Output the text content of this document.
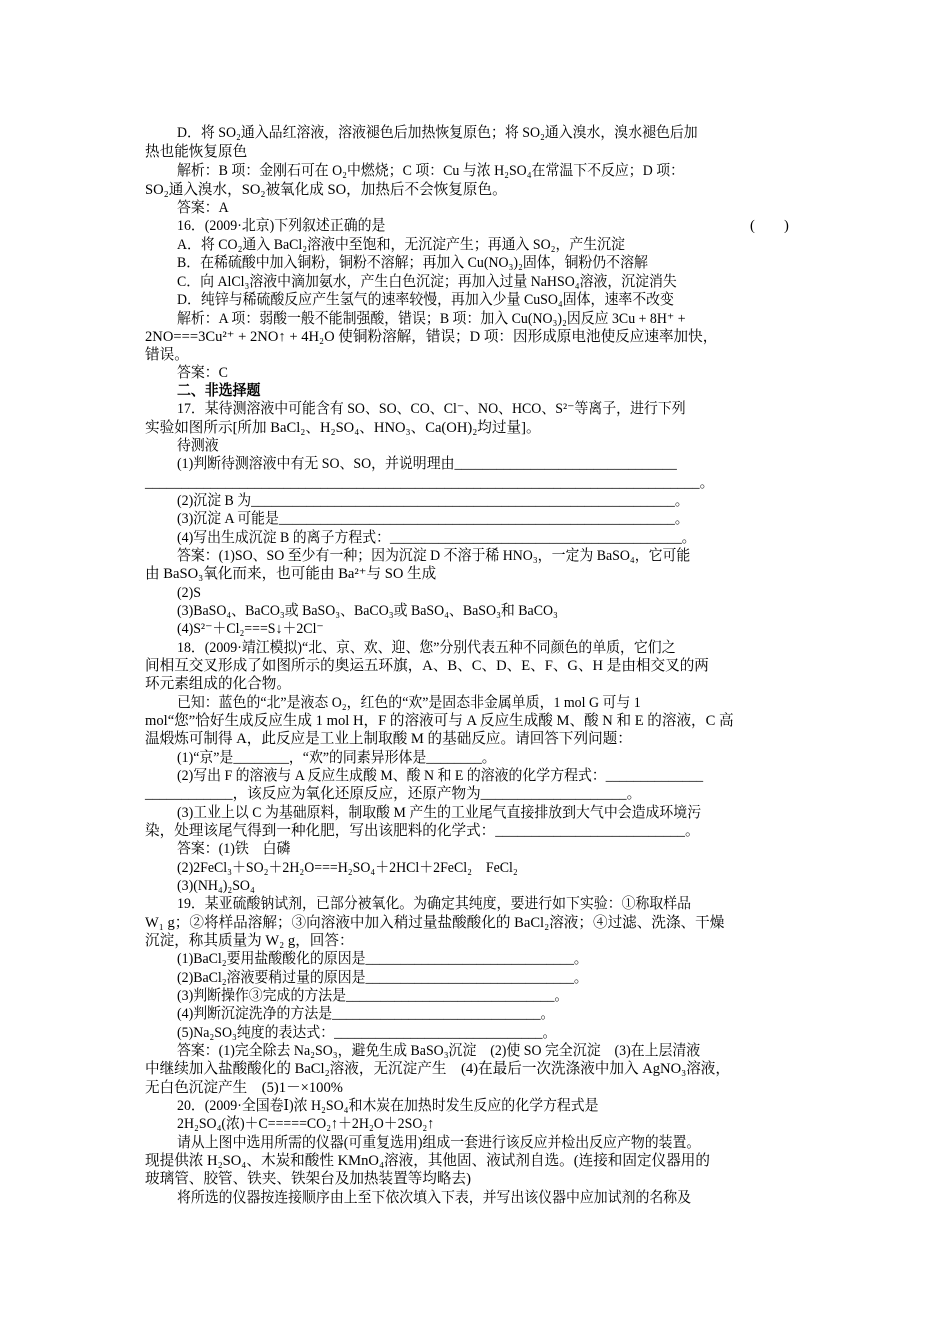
D．将 SO₂通入品红溶液，溶液褪色后加热恢复原色；将 SO₂通入溴水，溴水褪色后加
热也能恢复原色
解析：B 项：金刚石可在 O₂中燃烧；C 项：Cu 与浓 H₂SO₄在常温下不反应；D 项：
SO₂通入溴水，SO₂被氧化成 SO，加热后不会恢复原色。
答案：A
16．(2009·北京)下列叙述正确的是	(　　)
A．将 CO₂通入 BaCl₂溶液中至饱和，无沉淀产生；再通入 SO₂，产生沉淀
B．在稀硫酸中加入铜粉，铜粉不溶解；再加入 Cu(NO₃)₂固体，铜粉仍不溶解
C．向 AlCl₃溶液中滴加氨水，产生白色沉淀；再加入过量 NaHSO₄溶液，沉淀消失
D．纯锌与稀硫酸反应产生氢气的速率较慢，再加入少量 CuSO₄固体，速率不改变
解析：A 项：弱酸一般不能制强酸，错误；B 项：加入 Cu(NO₃)₂因反应 3Cu + 8H⁺ +
2NO===3Cu²⁺ + 2NO↑ + 4H₂O 使铜粉溶解，错误；D 项：因形成原电池使反应速率加快，
错误。
答案：C
二、非选择题
17．某待测溶液中可能含有 SO、SO、CO、Cl⁻、NO、HCO、S²⁻等离子，进行下列
实验如图所示[所加 BaCl₂、H₂SO₄、HNO₃、Ca(OH)₂均过量]。
待测液
(1)判断待测溶液中有无 SO、SO，并说明理由________________________________
____________________________________________________________________________。
(2)沉淀 B 为_____________________________________________________________。
(3)沉淀 A 可能是_________________________________________________________。
(4)写出生成沉淀 B 的离子方程式：__________________________________________。
答案：(1)SO、SO 至少有一种；因为沉淀 D 不溶于稀 HNO₃，一定为 BaSO₄，它可能
由 BaSO₃氧化而来，也可能由 Ba²⁺与 SO 生成
(2)S
(3)BaSO₄、BaCO₃或 BaSO₃、BaCO₃或 BaSO₄、BaSO₃和 BaCO₃
(4)S²⁻＋Cl₂===S↓＋2Cl⁻
18．(2009·靖江模拟)“北、京、欢、迎、您”分别代表五种不同颜色的单质，它们之
间相互交叉形成了如图所示的奥运五环旗，A、B、C、D、E、F、G、H 是由相交叉的两
环元素组成的化合物。
已知：蓝色的“北”是液态 O₂，红色的“欢”是固态非金属单质，1 mol G 可与 1
mol“您”恰好生成反应生成 1 mol H，F 的溶液可与 A 反应生成酸 M、酸 N 和 E 的溶液，C 高
温煅炼可制得 A，此反应是工业上制取酸 M 的基础反应。请回答下列问题：
(1)“京”是________，“欢”的同素异形体是________。
(2)写出 F 的溶液与 A 反应生成酸 M、酸 N 和 E 的溶液的化学方程式：______________
____________，该反应为氧化还原反应，还原产物为____________________。
(3)工业上以 C 为基础原料，制取酸 M 产生的工业尾气直接排放到大气中会造成环境污
染，处理该尾气得到一种化肥，写出该肥料的化学式：__________________________。
答案：(1)铁　白磷
(2)2FeCl₃＋SO₂＋2H₂O===H₂SO₄＋2HCl＋2FeCl₂　FeCl₂
(3)(NH₄)₂SO₄
19．某亚硫酸钠试剂，已部分被氧化。为确定其纯度，要进行如下实验：①称取样品
W₁ g；②将样品溶解；③向溶液中加入稍过量盐酸酸化的 BaCl₂溶液；④过滤、洗涤、干燥
沉淀，称其质量为 W₂ g，回答：
(1)BaCl₂要用盐酸酸化的原因是______________________________。
(2)BaCl₂溶液要稍过量的原因是______________________________。
(3)判断操作③完成的方法是______________________________。
(4)判断沉淀洗净的方法是______________________________。
(5)Na₂SO₃纯度的表达式：______________________________。
答案：(1)完全除去 Na₂SO₃，避免生成 BaSO₃沉淀　(2)使 SO 完全沉淀　(3)在上层清液
中继续加入盐酸酸化的 BaCl₂溶液，无沉淀产生　(4)在最后一次洗涤液中加入 AgNO₃溶液，
无白色沉淀产生　(5)1－×100%
20．(2009·全国卷Ⅰ)浓 H₂SO₄和木炭在加热时发生反应的化学方程式是
2H₂SO₄(浓)＋C=====CO₂↑＋2H₂O＋2SO₂↑
请从上图中选用所需的仪器(可重复选用)组成一套进行该反应并检出反应产物的装置。
现提供浓 H₂SO₄、木炭和酸性 KMnO₄溶液，其他固、液试剂自选。(连接和固定仪器用的
玻璃管、胶管、铁夹、铁架台及加热装置等均略去)
将所选的仪器按连接顺序由上至下依次填入下表，并写出该仪器中应加试剂的名称及
